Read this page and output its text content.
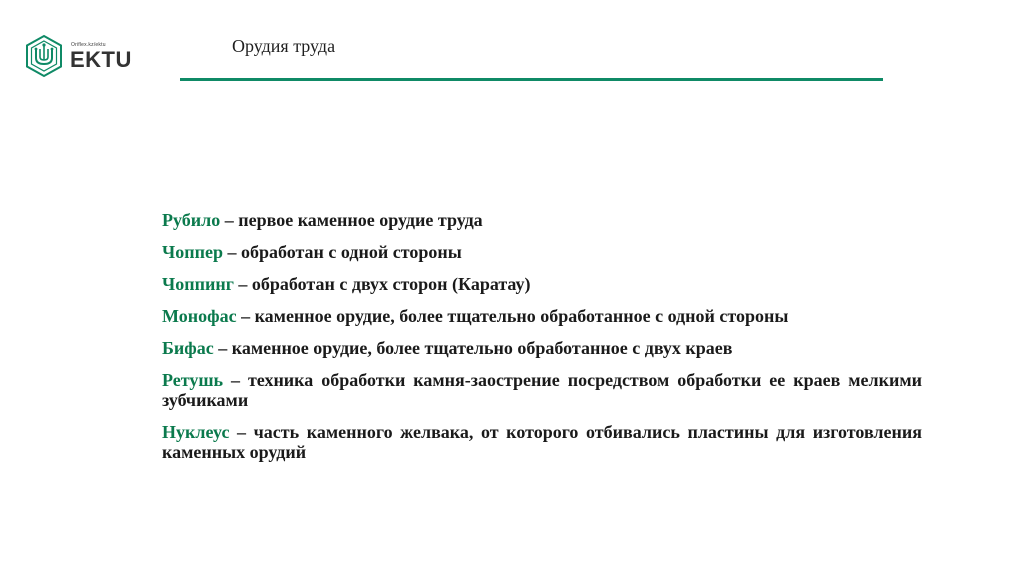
Oriflex.kz/ektu
EKTU
Орудия труда

Рубило – первое каменное орудие труда

Чоппер – обработан с одной стороны

Чоппинг – обработан с двух сторон (Каратау)

Монофас – каменное орудие, более тщательно обработанное с одной стороны

Бифас – каменное орудие, более тщательно обработанное с двух краев

Ретушь – техника обработки камня-заострение посредством обработки ее краев мелкими зубчиками

Нуклеус – часть каменного желвака, от которого отбивались пластины для изготовления каменных орудий
